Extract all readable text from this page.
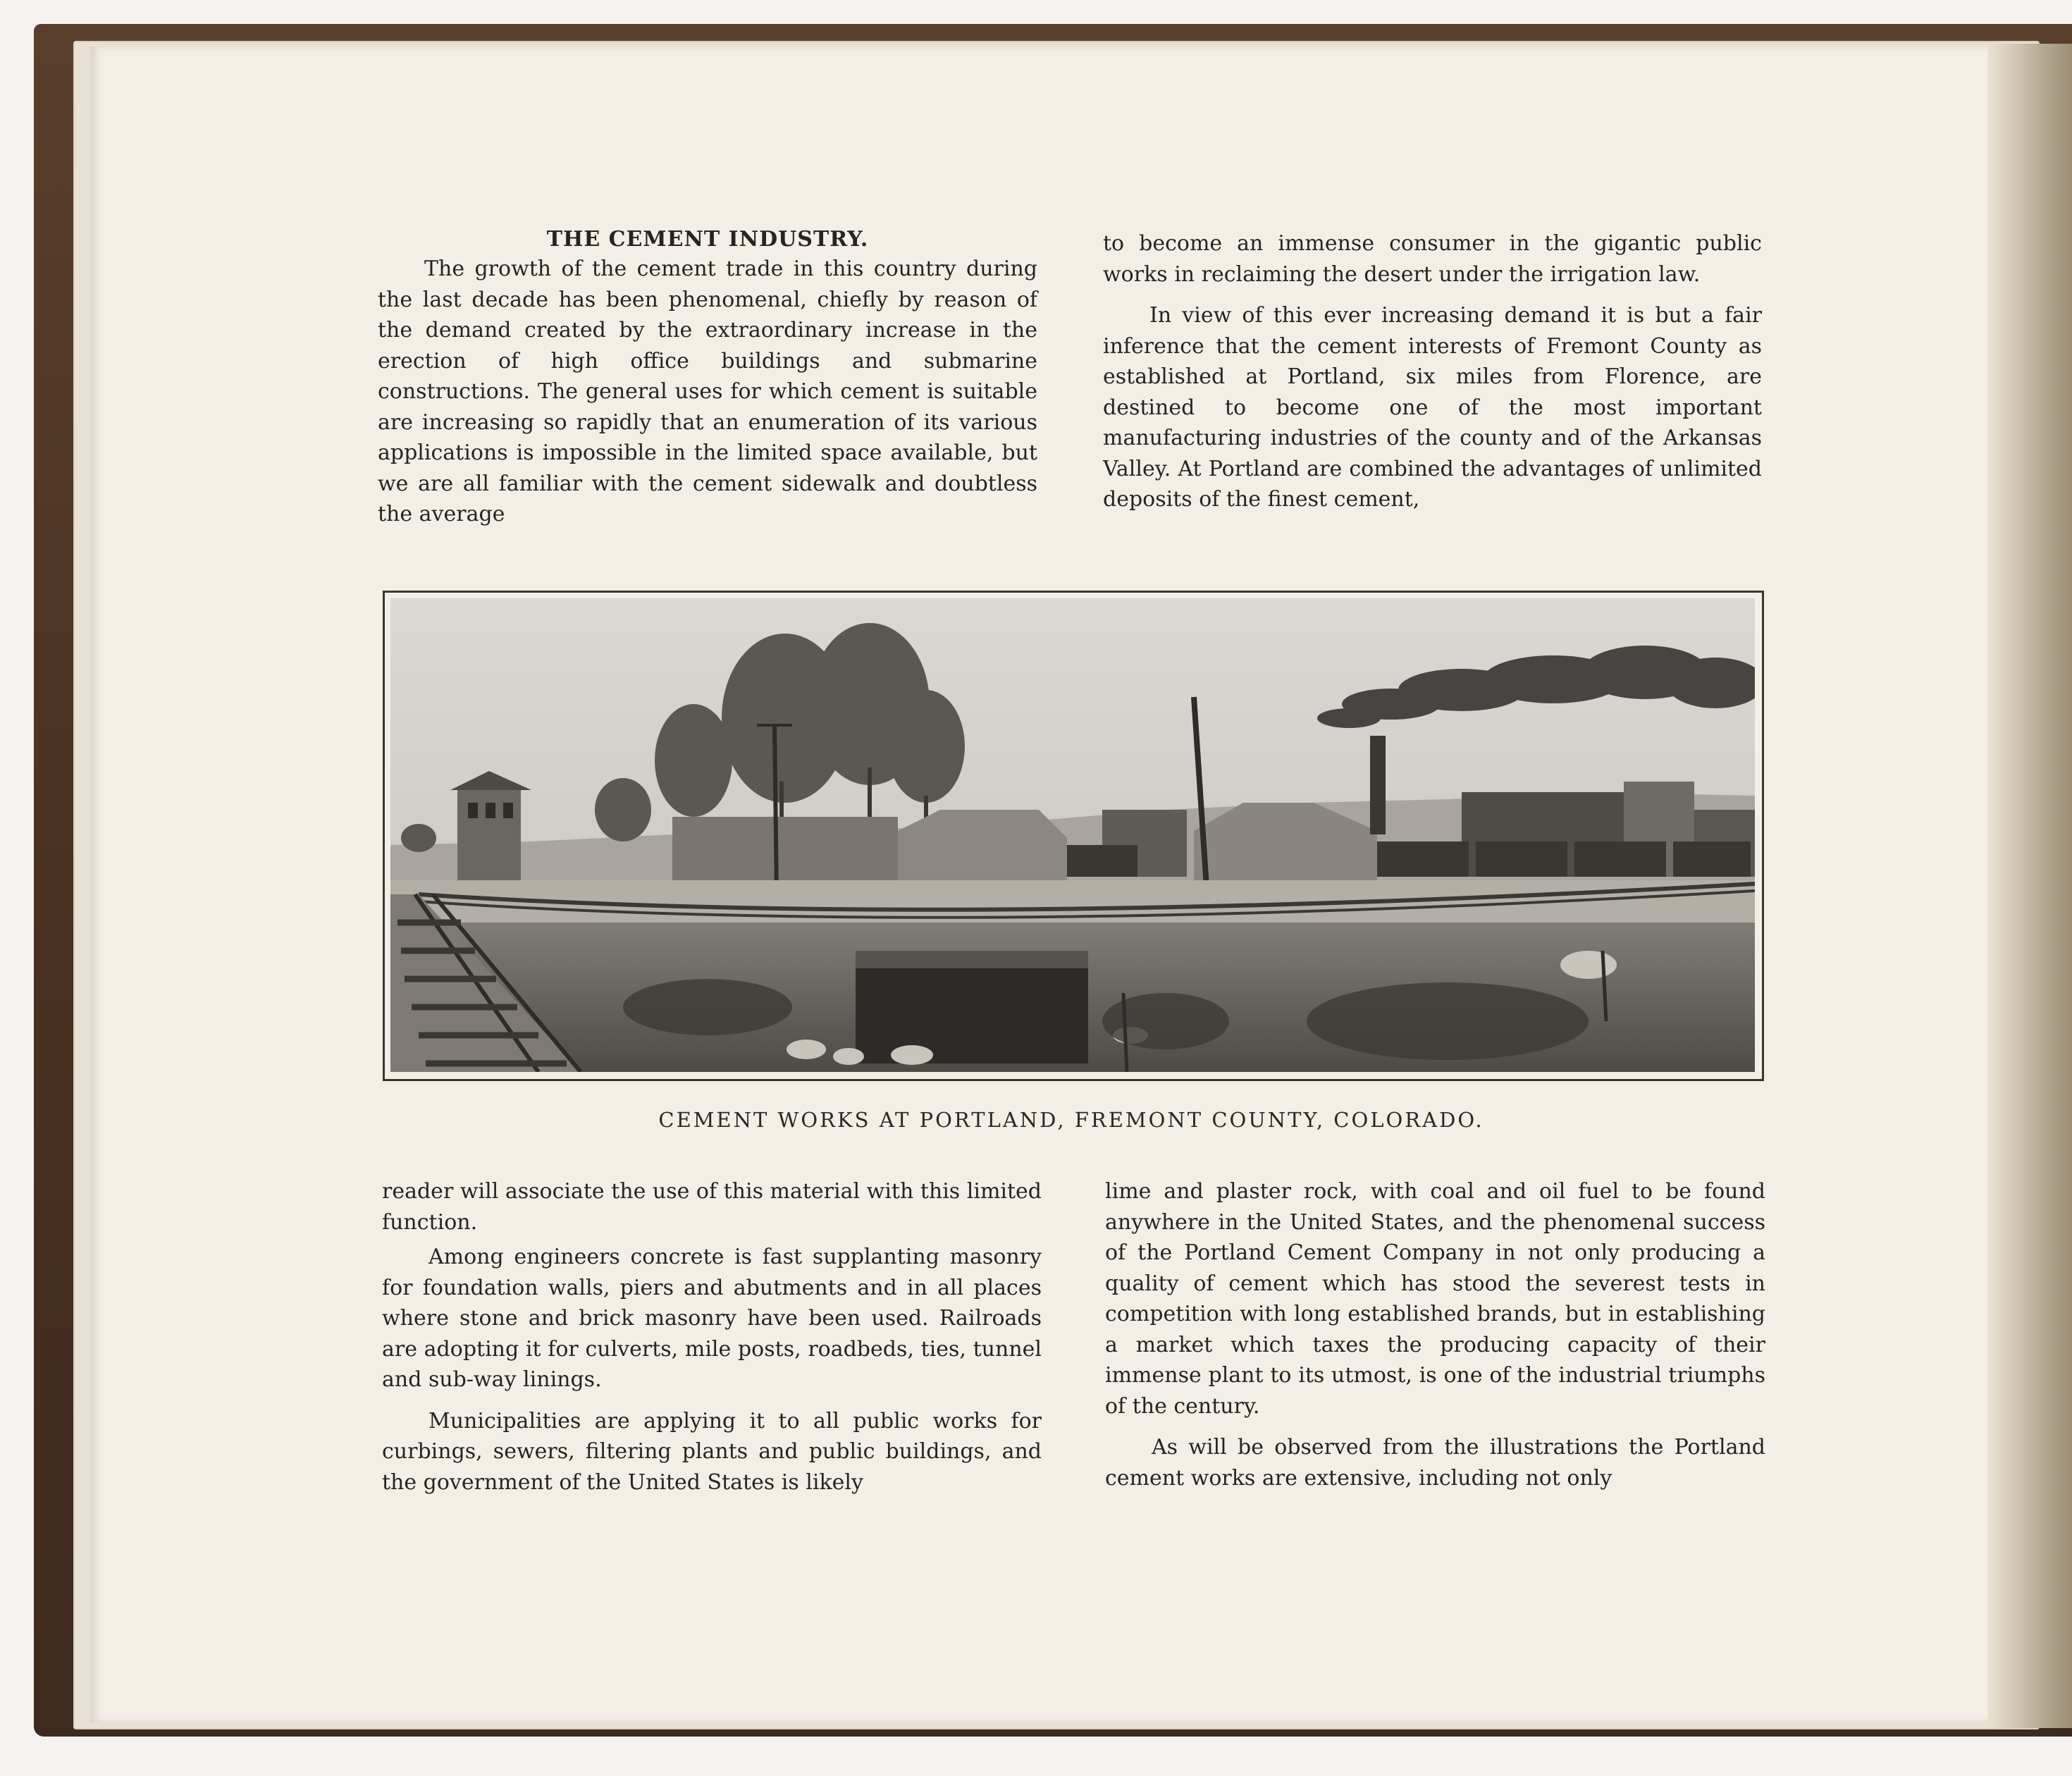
THE CEMENT INDUSTRY.

The growth of the cement trade in this country during the last decade has been phenomenal, chiefly by reason of the demand created by the extraordinary increase in the erection of high office buildings and submarine constructions. The general uses for which cement is suitable are increasing so rapidly that an enumeration of its various applications is impossible in the limited space available, but we are all familiar with the cement sidewalk and doubtless the average

to become an immense consumer in the gigantic public works in reclaiming the desert under the irrigation law.

In view of this ever increasing demand it is but a fair inference that the cement interests of Fremont County as established at Portland, six miles from Florence, are destined to become one of the most important manufacturing industries of the county and of the Arkansas Valley. At Portland are combined the advantages of unlimited deposits of the finest cement,

CEMENT WORKS AT PORTLAND, FREMONT COUNTY, COLORADO.

reader will associate the use of this material with this limited function.

Among engineers concrete is fast supplanting masonry for foundation walls, piers and abutments and in all places where stone and brick masonry have been used. Railroads are adopting it for culverts, mile posts, roadbeds, ties, tunnel and sub-way linings.

Municipalities are applying it to all public works for curbings, sewers, filtering plants and public buildings, and the government of the United States is likely

lime and plaster rock, with coal and oil fuel to be found anywhere in the United States, and the phenomenal success of the Portland Cement Company in not only producing a quality of cement which has stood the severest tests in competition with long established brands, but in establishing a market which taxes the producing capacity of their immense plant to its utmost, is one of the industrial triumphs of the century.

As will be observed from the illustrations the Portland cement works are extensive, including not only
